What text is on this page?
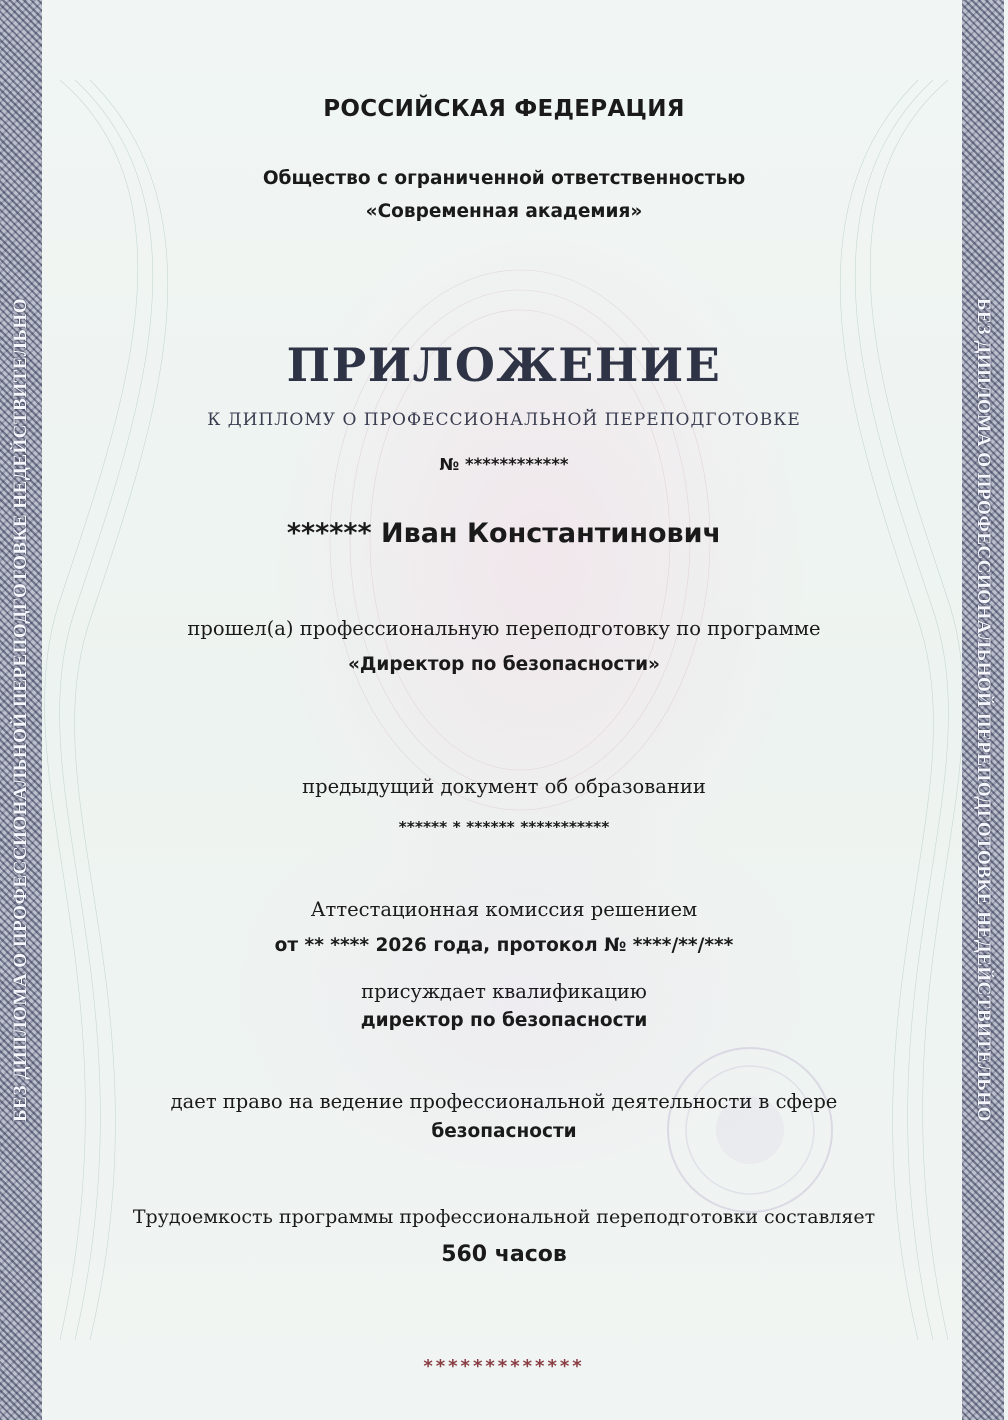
БЕЗ ДИПЛОМА О ПРОФЕССИОНАЛЬНОЙ ПЕРЕПОДГОТОВКЕ НЕДЕЙСТВИТЕЛЬНО	БЕЗ ДИПЛОМА О ПРОФЕССИОНАЛЬНОЙ ПЕРЕПОДГОТОВКЕ НЕДЕЙСТВИТЕЛЬНО
РОССИЙСКАЯ ФЕДЕРАЦИЯ
Общество с ограниченной ответственностью
«Современная академия»
ПРИЛОЖЕНИЕ
К ДИПЛОМУ О ПРОФЕССИОНАЛЬНОЙ ПЕРЕПОДГОТОВКЕ
№ ************
****** Иван Константинович
прошел(а) профессиональную переподготовку по программе
«Директор по безопасности»
предыдущий документ об образовании
****** * ****** ***********
Аттестационная комиссия решением
от ** **** 2026 года, протокол № ****/**/***
присуждает квалификацию
директор по безопасности
дает право на ведение профессиональной деятельности в сфере
безопасности
Трудоемкость программы профессиональной переподготовки составляет
560 часов
*************
